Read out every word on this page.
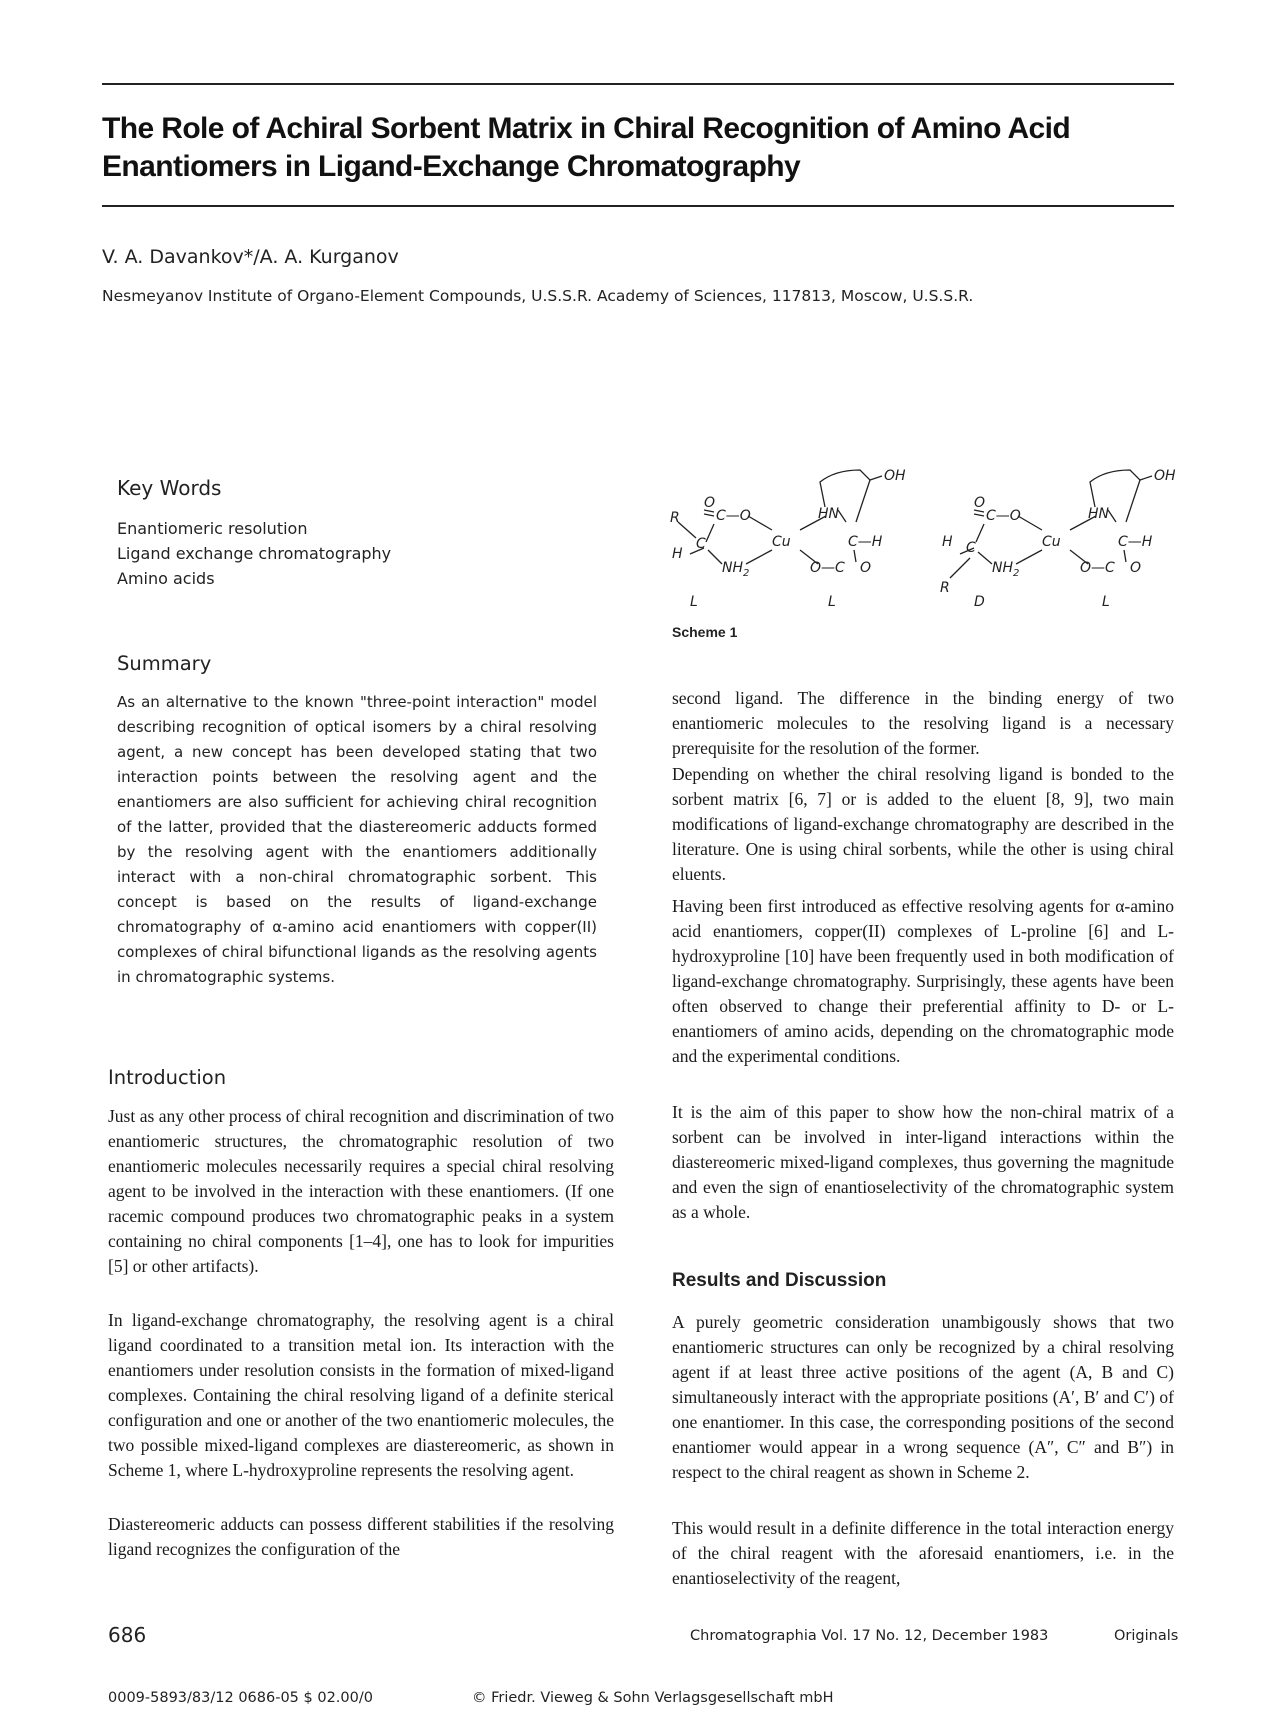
The Role of Achiral Sorbent Matrix in Chiral Recognition of Amino Acid
Enantiomers in Ligand-Exchange Chromatography
V. A. Davankov*/A. A. Kurganov
Nesmeyanov Institute of Organo-Element Compounds, U.S.S.R. Academy of Sciences, 117813, Moscow, U.S.S.R.
Key Words
Enantiomeric resolution
Ligand exchange chromatography
Amino acids
R
O
C—O
H
C
$NH_2$
Cu
HN
C—H
O—C O
OH
L	L
O
C—O
H C
R
$NH_2$
Cu
HN
C—H
O—C O
OH
D	L
Scheme 1
Summary
As an alternative to the known "three-point interaction" model describing recognition of optical isomers by a chiral resolving agent, a new concept has been developed stating that two interaction points between the resolving agent and the enantiomers are also sufficient for achieving chiral recognition of the latter, provided that the diastereomeric adducts formed by the resolving agent with the enantiomers additionally interact with a non-chiral chromatographic sorbent. This concept is based on the results of ligand-exchange chromatography of α-amino acid enantiomers with copper(II) complexes of chiral bifunctional ligands as the resolving agents in chromatographic systems.
Introduction
Just as any other process of chiral recognition and discrimination of two enantiomeric structures, the chromatographic resolution of two enantiomeric molecules necessarily requires a special chiral resolving agent to be involved in the interaction with these enantiomers. (If one racemic compound produces two chromatographic peaks in a system containing no chiral components [1–4], one has to look for impurities [5] or other artifacts).
In ligand-exchange chromatography, the resolving agent is a chiral ligand coordinated to a transition metal ion. Its interaction with the enantiomers under resolution consists in the formation of mixed-ligand complexes. Containing the chiral resolving ligand of a definite sterical configuration and one or another of the two enantiomeric molecules, the two possible mixed-ligand complexes are diastereomeric, as shown in Scheme 1, where L-hydroxyproline represents the resolving agent.
Diastereomeric adducts can possess different stabilities if the resolving ligand recognizes the configuration of the
second ligand. The difference in the binding energy of two enantiomeric molecules to the resolving ligand is a necessary prerequisite for the resolution of the former.
Depending on whether the chiral resolving ligand is bonded to the sorbent matrix [6, 7] or is added to the eluent [8, 9], two main modifications of ligand-exchange chromatography are described in the literature. One is using chiral sorbents, while the other is using chiral eluents.
Having been first introduced as effective resolving agents for α-amino acid enantiomers, copper(II) complexes of L-proline [6] and L-hydroxyproline [10] have been frequently used in both modification of ligand-exchange chromatography. Surprisingly, these agents have been often observed to change their preferential affinity to D- or L-enantiomers of amino acids, depending on the chromatographic mode and the experimental conditions.
It is the aim of this paper to show how the non-chiral matrix of a sorbent can be involved in inter-ligand interactions within the diastereomeric mixed-ligand complexes, thus governing the magnitude and even the sign of enantioselectivity of the chromatographic system as a whole.
Results and Discussion
A purely geometric consideration unambigously shows that two enantiomeric structures can only be recognized by a chiral resolving agent if at least three active positions of the agent (A, B and C) simultaneously interact with the appropriate positions (A′, B′ and C′) of one enantiomer. In this case, the corresponding positions of the second enantiomer would appear in a wrong sequence (A″, C″ and B″) in respect to the chiral reagent as shown in Scheme 2.
This would result in a definite difference in the total interaction energy of the chiral reagent with the aforesaid enantiomers, i.e. in the enantioselectivity of the reagent,
686	Chromatographia Vol. 17 No. 12, December 1983	Originals
0009-5893/83/12 0686-05 $ 02.00/0	© Friedr. Vieweg & Sohn Verlagsgesellschaft mbH
